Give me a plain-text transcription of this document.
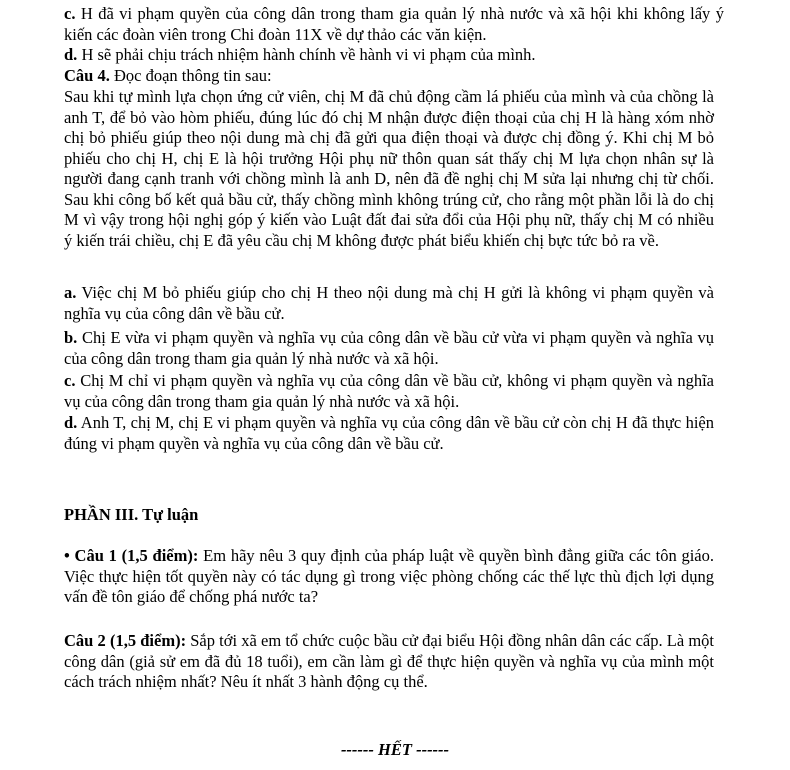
c. H đã vi phạm quyền của công dân trong tham gia quản lý nhà nước và xã hội khi không lấy ý kiến các đoàn viên trong Chi đoàn 11X về dự thảo các văn kiện.

d. H sẽ phải chịu trách nhiệm hành chính về hành vi vi phạm của mình.

Câu 4. Đọc đoạn thông tin sau:

Sau khi tự mình lựa chọn ứng cử viên, chị M đã chủ động cầm lá phiếu của mình và của chồng là anh T, để bỏ vào hòm phiếu, đúng lúc đó chị M nhận được điện thoại của chị H là hàng xóm nhờ chị bỏ phiếu giúp theo nội dung mà chị đã gửi qua điện thoại và được chị đồng ý. Khi chị M bỏ phiếu cho chị H, chị E là hội trưởng Hội phụ nữ thôn quan sát thấy chị M lựa chọn nhân sự là người đang cạnh tranh với chồng mình là anh D, nên đã đề nghị chị M sửa lại nhưng chị từ chối. Sau khi công bố kết quả bầu cử, thấy chồng mình không trúng cử, cho rằng một phần lỗi là do chị M vì vậy trong hội nghị góp ý kiến vào Luật đất đai sửa đổi của Hội phụ nữ, thấy chị M có nhiều ý kiến trái chiều, chị E đã yêu cầu chị M không được phát biểu khiến chị bực tức bỏ ra về.

a. Việc chị M bỏ phiếu giúp cho chị H theo nội dung mà chị H gửi là không vi phạm quyền và nghĩa vụ của công dân về bầu cử.

b. Chị E vừa vi phạm quyền và nghĩa vụ của công dân về bầu cử vừa vi phạm quyền và nghĩa vụ của công dân trong tham gia quản lý nhà nước và xã hội.

c. Chị M chỉ vi phạm quyền và nghĩa vụ của công dân về bầu cử, không vi phạm quyền và nghĩa vụ của công dân trong tham gia quản lý nhà nước và xã hội.

d. Anh T, chị M, chị E vi phạm quyền và nghĩa vụ của công dân về bầu cử còn chị H đã thực hiện đúng vi phạm quyền và nghĩa vụ của công dân về bầu cử.

PHẦN III. Tự luận

• Câu 1 (1,5 điểm): Em hãy nêu 3 quy định của pháp luật về quyền bình đẳng giữa các tôn giáo. Việc thực hiện tốt quyền này có tác dụng gì trong việc phòng chống các thế lực thù địch lợi dụng vấn đề tôn giáo để chống phá nước ta?

Câu 2 (1,5 điểm): Sắp tới xã em tổ chức cuộc bầu cử đại biểu Hội đồng nhân dân các cấp. Là một công dân (giả sử em đã đủ 18 tuổi), em cần làm gì để thực hiện quyền và nghĩa vụ của mình một cách trách nhiệm nhất? Nêu ít nhất 3 hành động cụ thể.

------ HẾT ------
